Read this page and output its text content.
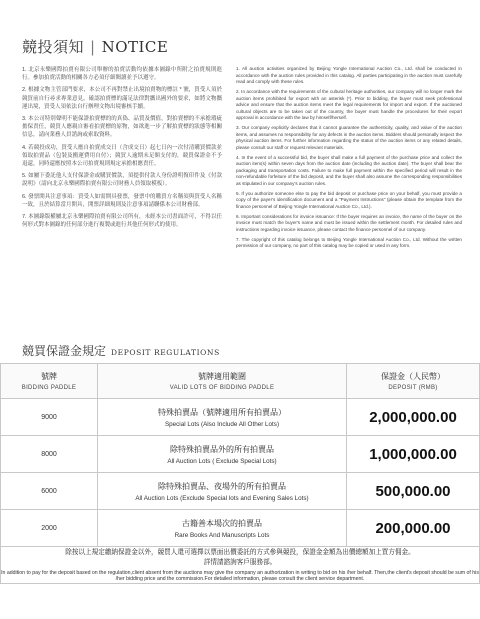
競投須知 | NOTICE

1. 北京永樂國際拍賣有限公司舉辦的拍賣活動均依據本圖錄中所附之拍賣規則進行。參加拍賣活動的相關各方必須仔細閱讀並予以遵守。

2. 根據文物主管部門要求，本公司不再對禁止出境拍賣物的標註 * 號，買受人須於競買前自行尋求專業意見，確認拍賣標的滿足法律對攜出國外的要求，如將文物攜運出境，買受人須依法自行辦理文物出境審核手續。

3. 本公司特別聲明不能保證拍賣標的的真偽、品質及價值，對拍賣標的不承擔瑕疵擔保責任，競買人應親自審看拍賣標的原物，如欲進一步了解拍賣標的狀態等相關信息，請向業務人員諮詢或索取資料。

4. 若競投成功，買受人應自拍賣成交日（含成交日）起七日內一次付清購買價款並領取拍賣品（包裝及搬運費用自付）；競買人逾期未足額支付的，競買保證金不予退還，同時還應按照本公司拍賣規則規定承擔相應責任。

5. 如屬下委託他人支付保證金或購買價款，須提供付款人身份證明復印件及《付款說明》（請向北京永樂國際拍賣有限公司財務人員領取模板）。

6. 發票開具注意事項：買受人如需開具發票，發票中的購買方名稱須與買受人名稱一致，且於結算當月開具，開票詳細規則及注意事項請聯係本公司財務部。

7. 本圖錄版權屬北京永樂國際拍賣有限公司所有，未經本公司書面許可，不得以任何形式對本圖錄的任何部分進行複製或進行其他任何形式的使用。

1. All auction activities organized by Beijing Yongle International Auction Co., Ltd. shall be conducted in accordance with the auction rules provided in this catalog. All parties participating in the auction must carefully read and comply with these rules.

2. In accordance with the requirements of the cultural heritage authorities, our company will no longer mark the auction items prohibited for export with an asterisk (*). Prior to bidding, the buyer must seek professional advice and ensure that the auction items meet the legal requirements for import and export. If the auctioned cultural objects are to be taken out of the country, the buyer must handle the procedures for their export approval in accordance with the law by himself/herself.

3. Our company explicitly declares that it cannot guarantee the authenticity, quality, and value of the auction items, and assumes no responsibility for any defects in the auction items. Bidders should personally inspect the physical auction items. For further information regarding the status of the auction items or any related details, please consult our staff or request relevant materials.

4. In the event of a successful bid, the buyer shall make a full payment of the purchase price and collect the auction item(s) within seven days from the auction date (including the auction date). The buyer shall bear the packaging and transportation costs. Failure to make full payment within the specified period will result in the non-refundable forfeiture of the bid deposit, and the buyer shall also assume the corresponding responsibilities as stipulated in our company's auction rules.

5. If you authorize someone else to pay the bid deposit or purchase price on your behalf, you must provide a copy of the payer's identification document and a "Payment Instructions" (please obtain the template from the finance personnel of Beijing Yongle International Auction Co., Ltd.).

6. Important considerations for invoice issuance: If the buyer requires an invoice, the name of the buyer on the invoice must match the buyer's name and must be issued within the settlement month. For detailed rules and instructions regarding invoice issuance, please contact the finance personnel of our company.

7. The copyright of this catalog belongs to Beijing Yongle International Auction Co., Ltd. Without the written permission of our company, no part of this catalog may be copied or used in any form.

競買保證金規定 DEPOSIT REGULATIONS
號牌
BIDDING PADDLE	號牌適用範圍
VALID LOTS OF BIDDING PADDLE	保證金（人民幣）
DEPOSIT (RMB)

9000	特殊拍賣品（號牌適用所有拍賣品）
Special Lots (Also Include All Other Lots)	2,000,000.00
8000	除特殊拍賣品外的所有拍賣品
All Auction Lots ( Exclude Special Lots)	1,000,000.00
6000	除特殊拍賣品、夜場外的所有拍賣品
All Auction Lots (Exclude Special lots and Evening Sales Lots)	500,000.00
2000	古籍善本場次的拍賣品
Rare Books And Manuscripts Lots	200,000.00

除按以上規定繳納保證金以外，競買人還可選擇以票面出價委託的方式參與競投，保證金金額為出價總額加上買方佣金。
詳情請諮詢客戶服務部。
In addition to pay for the deposit based on the regulation,client absent from the auctions may give the company an authorization in writing to bid on his /her behalf. Then,the client's deposit should be sum of his /her bidding price and the commission.For detailed information, please consult the client service department.		
